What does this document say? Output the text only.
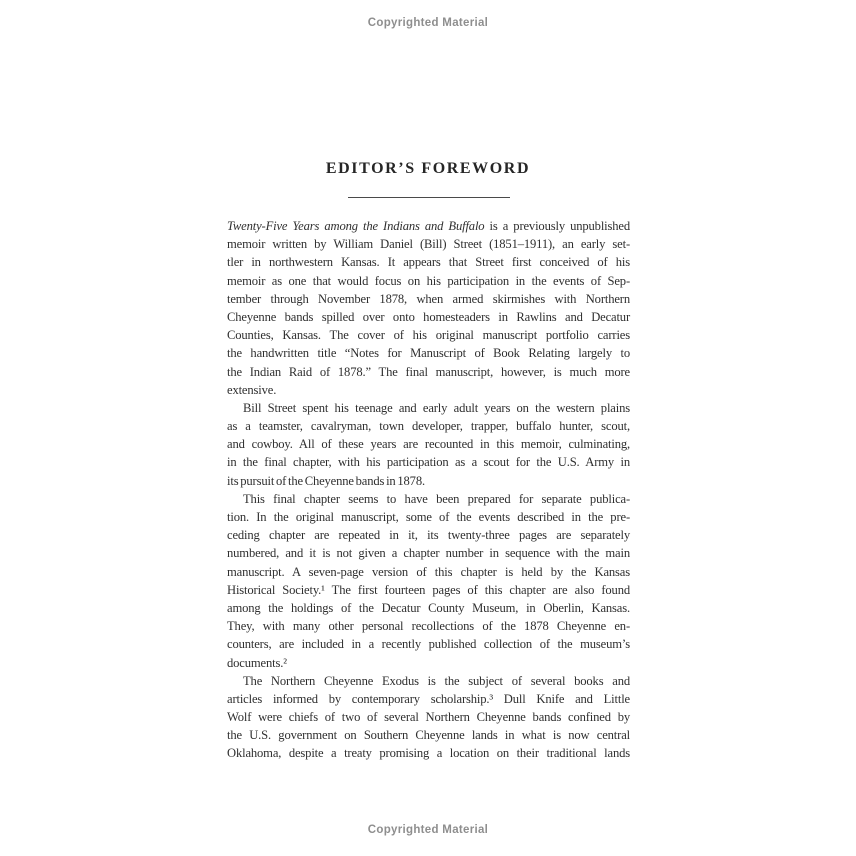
Copyrighted Material
EDITOR’S FOREWORD
Twenty-Five Years among the Indians and Buffalo is a previously unpublished
memoir written by William Daniel (Bill) Street (1851–1911), an early set-
tler in northwestern Kansas. It appears that Street first conceived of his
memoir as one that would focus on his participation in the events of Sep-
tember through November 1878, when armed skirmishes with Northern
Cheyenne bands spilled over onto homesteaders in Rawlins and Decatur
Counties, Kansas. The cover of his original manuscript portfolio carries
the handwritten title “Notes for Manuscript of Book Relating largely to
the Indian Raid of 1878.” The final manuscript, however, is much more
extensive.
Bill Street spent his teenage and early adult years on the western plains
as a teamster, cavalryman, town developer, trapper, buffalo hunter, scout,
and cowboy. All of these years are recounted in this memoir, culminating,
in the final chapter, with his participation as a scout for the U.S. Army in
its pursuit of the Cheyenne bands in 1878.
This final chapter seems to have been prepared for separate publica-
tion. In the original manuscript, some of the events described in the pre-
ceding chapter are repeated in it, its twenty-three pages are separately
numbered, and it is not given a chapter number in sequence with the main
manuscript. A seven-page version of this chapter is held by the Kansas
Historical Society.¹ The first fourteen pages of this chapter are also found
among the holdings of the Decatur County Museum, in Oberlin, Kansas.
They, with many other personal recollections of the 1878 Cheyenne en-
counters, are included in a recently published collection of the museum’s
documents.²
The Northern Cheyenne Exodus is the subject of several books and
articles informed by contemporary scholarship.³ Dull Knife and Little
Wolf were chiefs of two of several Northern Cheyenne bands confined by
the U.S. government on Southern Cheyenne lands in what is now central
Oklahoma, despite a treaty promising a location on their traditional lands
Copyrighted Material
